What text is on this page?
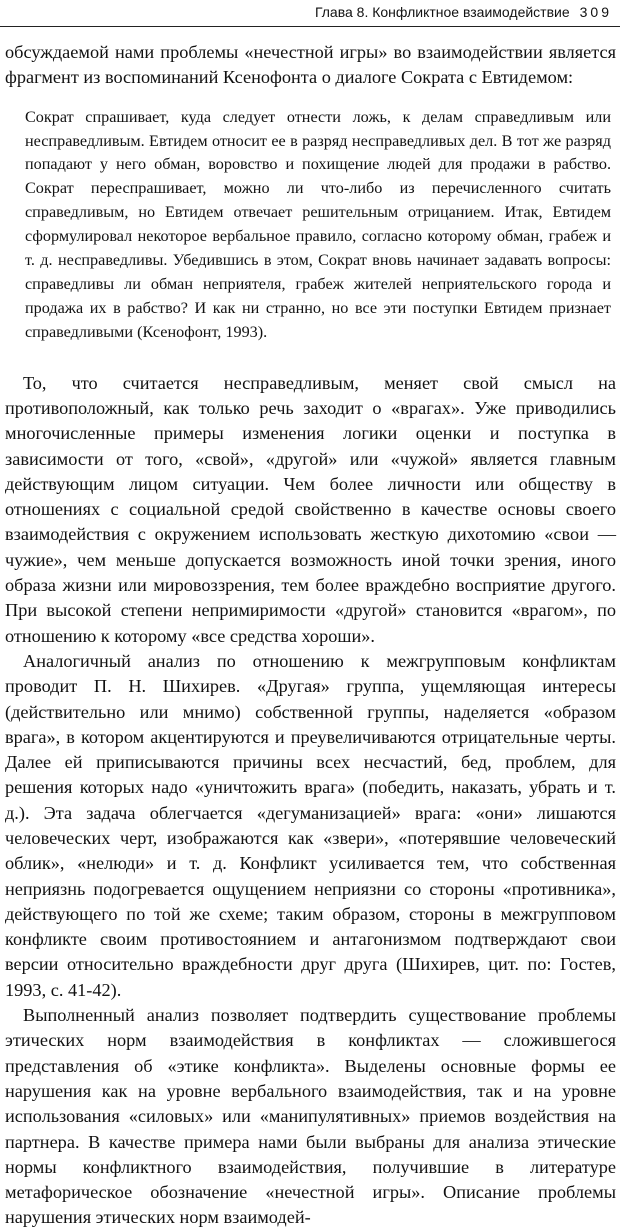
Глава 8. Конфликтное взаимодействие 309

обсуждаемой нами проблемы «нечестной игры» во взаимодействии является фрагмент из воспоминаний Ксенофонта о диалоге Сократа с Евтидемом:

Сократ спрашивает, куда следует отнести ложь, к делам справедливым или несправедливым. Евтидем относит ее в разряд несправедливых дел. В тот же разряд попадают у него обман, воровство и похищение людей для продажи в рабство. Сократ переспрашивает, можно ли что-либо из перечисленного считать справедливым, но Евтидем отвечает решительным отрицанием. Итак, Евтидем сформулировал некоторое вербальное правило, согласно которому обман, грабеж и т. д. несправедливы. Убедившись в этом, Сократ вновь начинает задавать вопросы: справедливы ли обман неприятеля, грабеж жителей неприятельского города и продажа их в рабство? И как ни странно, но все эти поступки Евтидем признает справедливыми (Ксенофонт, 1993).

То, что считается несправедливым, меняет свой смысл на противоположный, как только речь заходит о «врагах». Уже приводились многочисленные примеры изменения логики оценки и поступка в зависимости от того, «свой», «другой» или «чужой» является главным действующим лицом ситуации. Чем более личности или обществу в отношениях с социальной средой свойственно в качестве основы своего взаимодействия с окружением использовать жесткую дихотомию «свои — чужие», чем меньше допускается возможность иной точки зрения, иного образа жизни или мировоззрения, тем более враждебно восприятие другого. При высокой степени непримиримости «другой» становится «врагом», по отношению к которому «все средства хороши».

Аналогичный анализ по отношению к межгрупповым конфликтам проводит П. Н. Шихирев. «Другая» группа, ущемляющая интересы (действительно или мнимо) собственной группы, наделяется «образом врага», в котором акцентируются и преувеличиваются отрицательные черты. Далее ей приписываются причины всех несчастий, бед, проблем, для решения которых надо «уничтожить врага» (победить, наказать, убрать и т. д.). Эта задача облегчается «дегуманизацией» врага: «они» лишаются человеческих черт, изображаются как «звери», «потерявшие человеческий облик», «нелюди» и т. д. Конфликт усиливается тем, что собственная неприязнь подогревается ощущением неприязни со стороны «противника», действующего по той же схеме; таким образом, стороны в межгрупповом конфликте своим противостоянием и антагонизмом подтверждают свои версии относительно враждебности друг друга (Шихирев, цит. по: Гостев, 1993, с. 41-42).

Выполненный анализ позволяет подтвердить существование проблемы этических норм взаимодействия в конфликтах — сложившегося представления об «этике конфликта». Выделены основные формы ее нарушения как на уровне вербального взаимодействия, так и на уровне использования «силовых» или «манипулятивных» приемов воздействия на партнера. В качестве примера нами были выбраны для анализа этические нормы конфликтного взаимодействия, получившие в литературе метафорическое обозначение «нечестной игры». Описание проблемы нарушения этических норм взаимодей-
